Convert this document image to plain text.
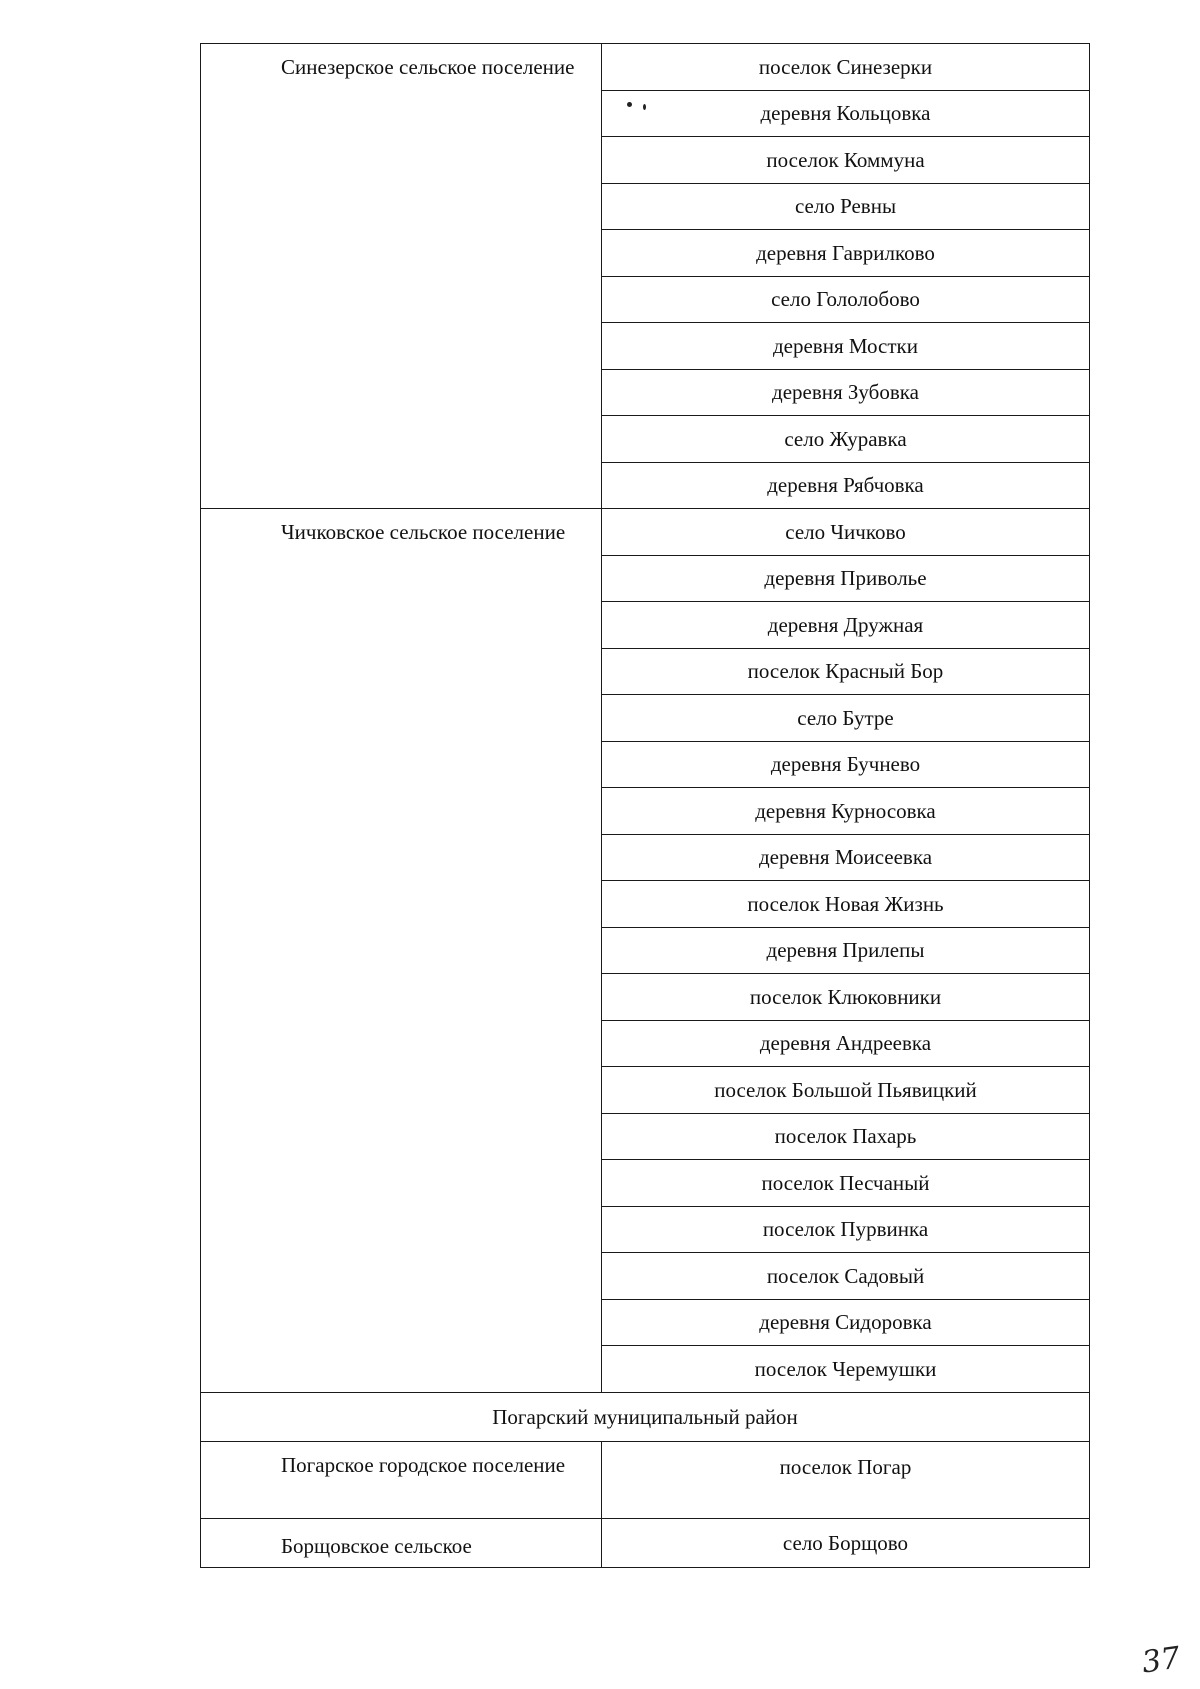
Синезерское сельское поселение	поселок Синезерки
	деревня Кольцовка
	поселок Коммуна
	село Ревны
	деревня Гаврилково
	село Гололобово
	деревня Мостки
	деревня Зубовка
	село Журавка
	деревня Рябчовка

Чичковское сельское поселение	село Чичково
	деревня Приволье
	деревня Дружная
	поселок Красный Бор
	село Бутре
	деревня Бучнево
	деревня Курносовка
	деревня Моисеевка
	поселок Новая Жизнь
	деревня Прилепы
	поселок Клюковники
	деревня Андреевка
	поселок Большой Пьявицкий
	поселок Пахарь
	поселок Песчаный
	поселок Пурвинка
	поселок Садовый
	деревня Сидоровка
	поселок Черемушки
Погарский муниципальный район	

Погарское городское поселение	поселок Погар

Борщовское сельское	село Борщово
37
